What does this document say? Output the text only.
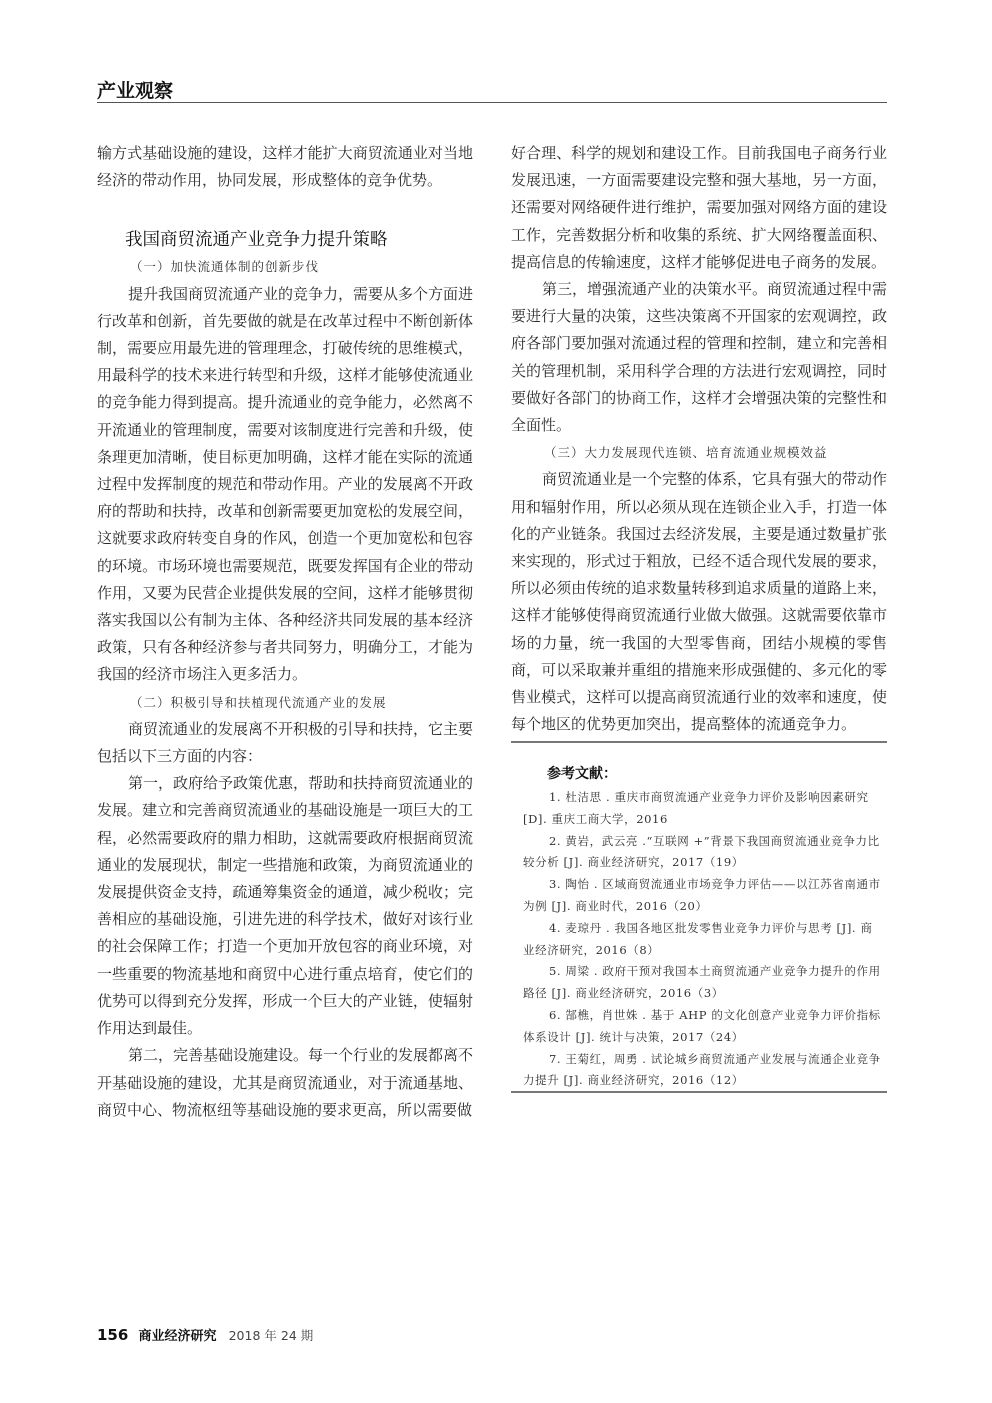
产业观察

输方式基础设施的建设，这样才能扩大商贸流通业对当地经济的带动作用，协同发展，形成整体的竞争优势。

我国商贸流通产业竞争力提升策略

（一）加快流通体制的创新步伐

提升我国商贸流通产业的竞争力，需要从多个方面进行改革和创新，首先要做的就是在改革过程中不断创新体制，需要应用最先进的管理理念，打破传统的思维模式，用最科学的技术来进行转型和升级，这样才能够使流通业的竞争能力得到提高。提升流通业的竞争能力，必然离不开流通业的管理制度，需要对该制度进行完善和升级，使条理更加清晰，使目标更加明确，这样才能在实际的流通过程中发挥制度的规范和带动作用。产业的发展离不开政府的帮助和扶持，改革和创新需要更加宽松的发展空间，这就要求政府转变自身的作风，创造一个更加宽松和包容的环境。市场环境也需要规范，既要发挥国有企业的带动作用，又要为民营企业提供发展的空间，这样才能够贯彻落实我国以公有制为主体、各种经济共同发展的基本经济政策，只有各种经济参与者共同努力，明确分工，才能为我国的经济市场注入更多活力。

（二）积极引导和扶植现代流通产业的发展

商贸流通业的发展离不开积极的引导和扶持，它主要包括以下三方面的内容：

第一，政府给予政策优惠，帮助和扶持商贸流通业的发展。建立和完善商贸流通业的基础设施是一项巨大的工程，必然需要政府的鼎力相助，这就需要政府根据商贸流通业的发展现状，制定一些措施和政策，为商贸流通业的发展提供资金支持，疏通筹集资金的通道，减少税收；完善相应的基础设施，引进先进的科学技术，做好对该行业的社会保障工作；打造一个更加开放包容的商业环境，对一些重要的物流基地和商贸中心进行重点培育，使它们的优势可以得到充分发挥，形成一个巨大的产业链，使辐射作用达到最佳。

第二，完善基础设施建设。每一个行业的发展都离不开基础设施的建设，尤其是商贸流通业，对于流通基地、商贸中心、物流枢纽等基础设施的要求更高，所以需要做

好合理、科学的规划和建设工作。目前我国电子商务行业发展迅速，一方面需要建设完整和强大基地，另一方面，还需要对网络硬件进行维护，需要加强对网络方面的建设工作，完善数据分析和收集的系统、扩大网络覆盖面积、提高信息的传输速度，这样才能够促进电子商务的发展。

第三，增强流通产业的决策水平。商贸流通过程中需要进行大量的决策，这些决策离不开国家的宏观调控，政府各部门要加强对流通过程的管理和控制，建立和完善相关的管理机制，采用科学合理的方法进行宏观调控，同时要做好各部门的协商工作，这样才会增强决策的完整性和全面性。

（三）大力发展现代连锁、培育流通业规模效益

商贸流通业是一个完整的体系，它具有强大的带动作用和辐射作用，所以必须从现在连锁企业入手，打造一体化的产业链条。我国过去经济发展，主要是通过数量扩张来实现的，形式过于粗放，已经不适合现代发展的要求，所以必须由传统的追求数量转移到追求质量的道路上来，这样才能够使得商贸流通行业做大做强。这就需要依靠市场的力量，统一我国的大型零售商，团结小规模的零售商，可以采取兼并重组的措施来形成强健的、多元化的零售业模式，这样可以提高商贸流通行业的效率和速度，使每个地区的优势更加突出，提高整体的流通竞争力。

参考文献：

1. 杜洁思 . 重庆市商贸流通产业竞争力评价及影响因素研究 [D]. 重庆工商大学，2016

2. 黄岩，武云亮 .“互联网 +”背景下我国商贸流通业竞争力比较分析 [J]. 商业经济研究，2017（19）

3. 陶怡 . 区域商贸流通业市场竞争力评估——以江苏省南通市为例 [J]. 商业时代，2016（20）

4. 麦琼丹 . 我国各地区批发零售业竞争力评价与思考 [J]. 商业经济研究，2016（8）

5. 周梁 . 政府干预对我国本土商贸流通产业竞争力提升的作用路径 [J]. 商业经济研究，2016（3）

6. 郜樵，肖世姝 . 基于 AHP 的文化创意产业竞争力评价指标体系设计 [J]. 统计与决策，2017（24）

7. 王菊红，周勇 . 试论城乡商贸流通产业发展与流通企业竞争力提升 [J]. 商业经济研究，2016（12）

156 商业经济研究 2018 年 24 期
